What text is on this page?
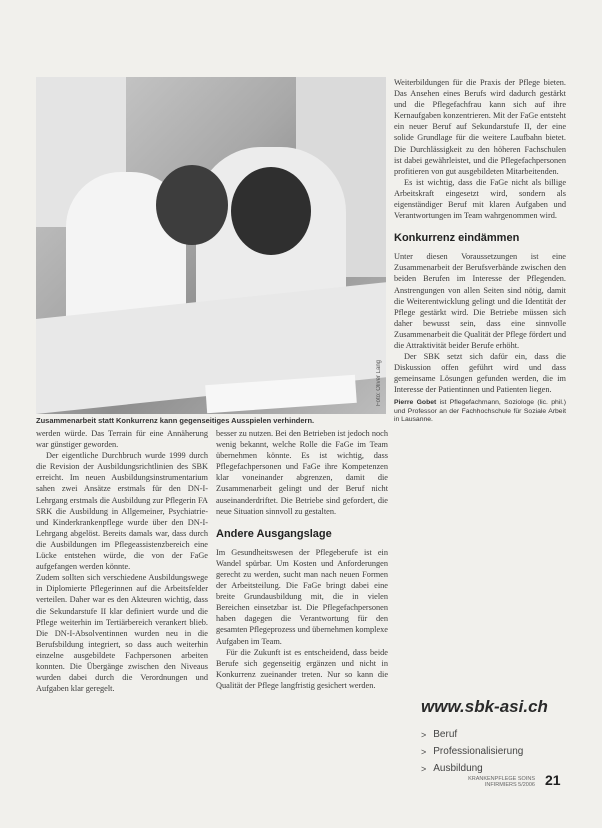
Foto: Oliver Lang
Zusammenarbeit statt Konkurrenz kann gegenseitiges Ausspielen verhindern.

werden würde. Das Terrain für eine Annäherung war günstiger geworden.

Der eigentliche Durchbruch wurde 1999 durch die Revision der Ausbildungsrichtlinien des SBK erreicht. Im neuen Ausbildungsinstrumentarium sahen zwei Ansätze erstmals für den DN-I-Lehrgang erstmals die Ausbildung zur Pflegerin FA SRK die Ausbildung in Allgemeiner, Psychiatrie- und Kinderkrankenpflege wurde über den DN-I-Lehrgang abgelöst. Bereits damals war, dass durch die Ausbildungen im Pflegeassistenzbereich eine Lücke entstehen würde, die von der FaGe aufgefangen werden könnte.

Zudem sollten sich verschiedene Ausbildungswege in Diplomierte Pflegerinnen auf die Arbeitsfelder verteilen. Daher war es den Akteuren wichtig, dass die Sekundarstufe II klar definiert wurde und die Pflege weiterhin im Tertiärbereich verankert blieb. Die DN-I-Absolventinnen wurden neu in die Berufsbildung integriert, so dass auch weiterhin einzelne ausgebildete Fachpersonen arbeiten konnten. Die Übergänge zwischen den Niveaus wurden dabei durch die Verordnungen und Aufgaben klar geregelt.

besser zu nutzen. Bei den Betrieben ist jedoch noch wenig bekannt, welche Rolle die FaGe im Team übernehmen könnte. Es ist wichtig, dass Pflegefachpersonen und FaGe ihre Kompetenzen klar voneinander abgrenzen, damit die Zusammenarbeit gelingt und der Beruf nicht auseinanderdriftet. Die Betriebe sind gefordert, die neue Situation sinnvoll zu gestalten.

Andere Ausgangslage

Im Gesundheitswesen der Pflegeberufe ist ein Wandel spürbar. Um Kosten und Anforderungen gerecht zu werden, sucht man nach neuen Formen der Arbeitsteilung. Die FaGe bringt dabei eine breite Grundausbildung mit, die in vielen Bereichen einsetzbar ist. Die Pflegefachpersonen haben dagegen die Verantwortung für den gesamten Pflegeprozess und übernehmen komplexe Aufgaben im Team.

Für die Zukunft ist es entscheidend, dass beide Berufe sich gegenseitig ergänzen und nicht in Konkurrenz zueinander treten. Nur so kann die Qualität der Pflege langfristig gesichert werden.

Weiterbildungen für die Praxis der Pflege bieten. Das Ansehen eines Berufs wird dadurch gestärkt und die Pflegefachfrau kann sich auf ihre Kernaufgaben konzentrieren. Mit der FaGe entsteht ein neuer Beruf auf Sekundarstufe II, der eine solide Grundlage für die weitere Laufbahn bietet. Die Durchlässigkeit zu den höheren Fachschulen ist dabei gewährleistet, und die Pflegefachpersonen profitieren von gut ausgebildeten Mitarbeitenden.

Es ist wichtig, dass die FaGe nicht als billige Arbeitskraft eingesetzt wird, sondern als eigenständiger Beruf mit klaren Aufgaben und Verantwortungen im Team wahrgenommen wird.

Konkurrenz eindämmen

Unter diesen Voraussetzungen ist eine Zusammenarbeit der Berufsverbände zwischen den beiden Berufen im Interesse der Pflegenden. Anstrengungen von allen Seiten sind nötig, damit die Weiterentwicklung gelingt und die Identität der Pflege gestärkt wird. Die Betriebe müssen sich daher bewusst sein, dass eine sinnvolle Zusammenarbeit die Qualität der Pflege fördert und die Attraktivität beider Berufe erhöht.

Der SBK setzt sich dafür ein, dass die Diskussion offen geführt wird und dass gemeinsame Lösungen gefunden werden, die im Interesse der Patientinnen und Patienten liegen.

Pierre Gobet ist Pflegefachmann, Soziologe (lic. phil.) und Professor an der Fachhochschule für Soziale Arbeit in Lausanne.

www.sbk-asi.ch
> Beruf
> Professionalisierung
> Ausbildung
KRANKENPFLEGE SOINS
INFIRMIERS 5/2006 21
